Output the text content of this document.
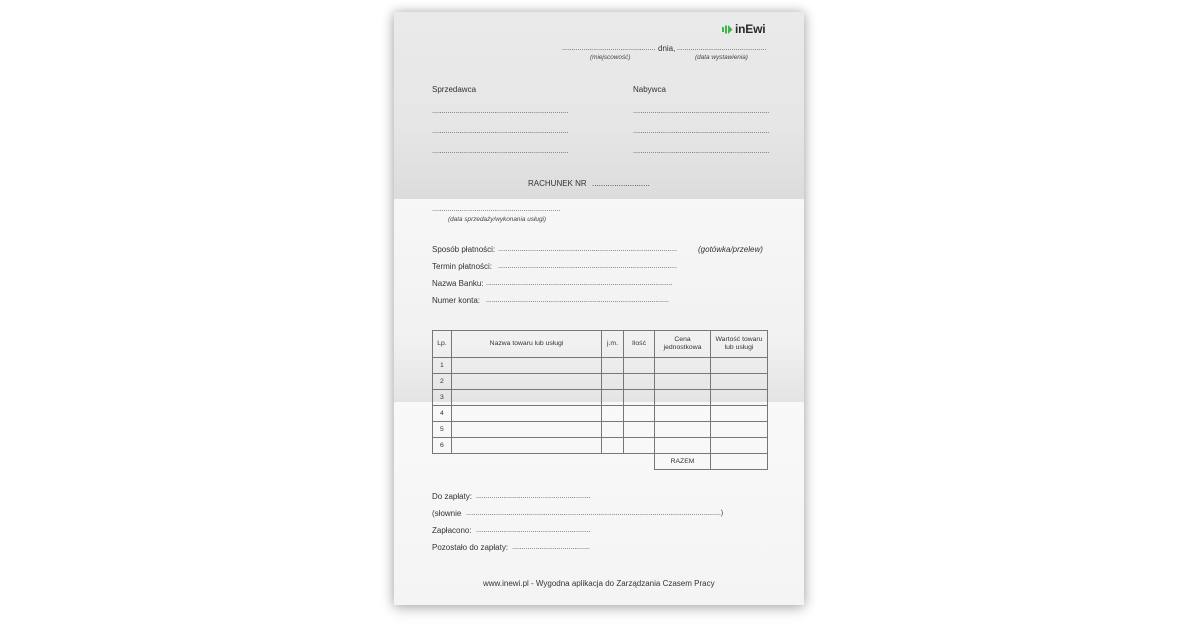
inEwi
................................................ dnia, ..............................................
(miejscowość)	(data wystawienia)
Sprzedawca	Nabywca
......................................................................
......................................................................
......................................................................
......................................................................
......................................................................
......................................................................
RACHUNEK NR ..........................
..................................................................
(data sprzedaży/wykonania usługi)
Sposób płatności: ............................................................................................	(gotówka/przelew)
Termin płatności: ............................................................................................
Nazwa Banku: ................................................................................................
Numer konta: ..............................................................................................
Lp.	Nazwa towaru lub usługi	j.m.	Ilość	Cena jednostkowa	Wartość towaru lub usługi
1					
2					
3					
4					
5					
6					
				RAZEM	
Do zapłaty: ...........................................................
(słownie ...................................................................................................................................)
Zapłacono: ...........................................................
Pozostało do zapłaty: ........................................
www.inewi.pl - Wygodna aplikacja do Zarządzania Czasem Pracy
